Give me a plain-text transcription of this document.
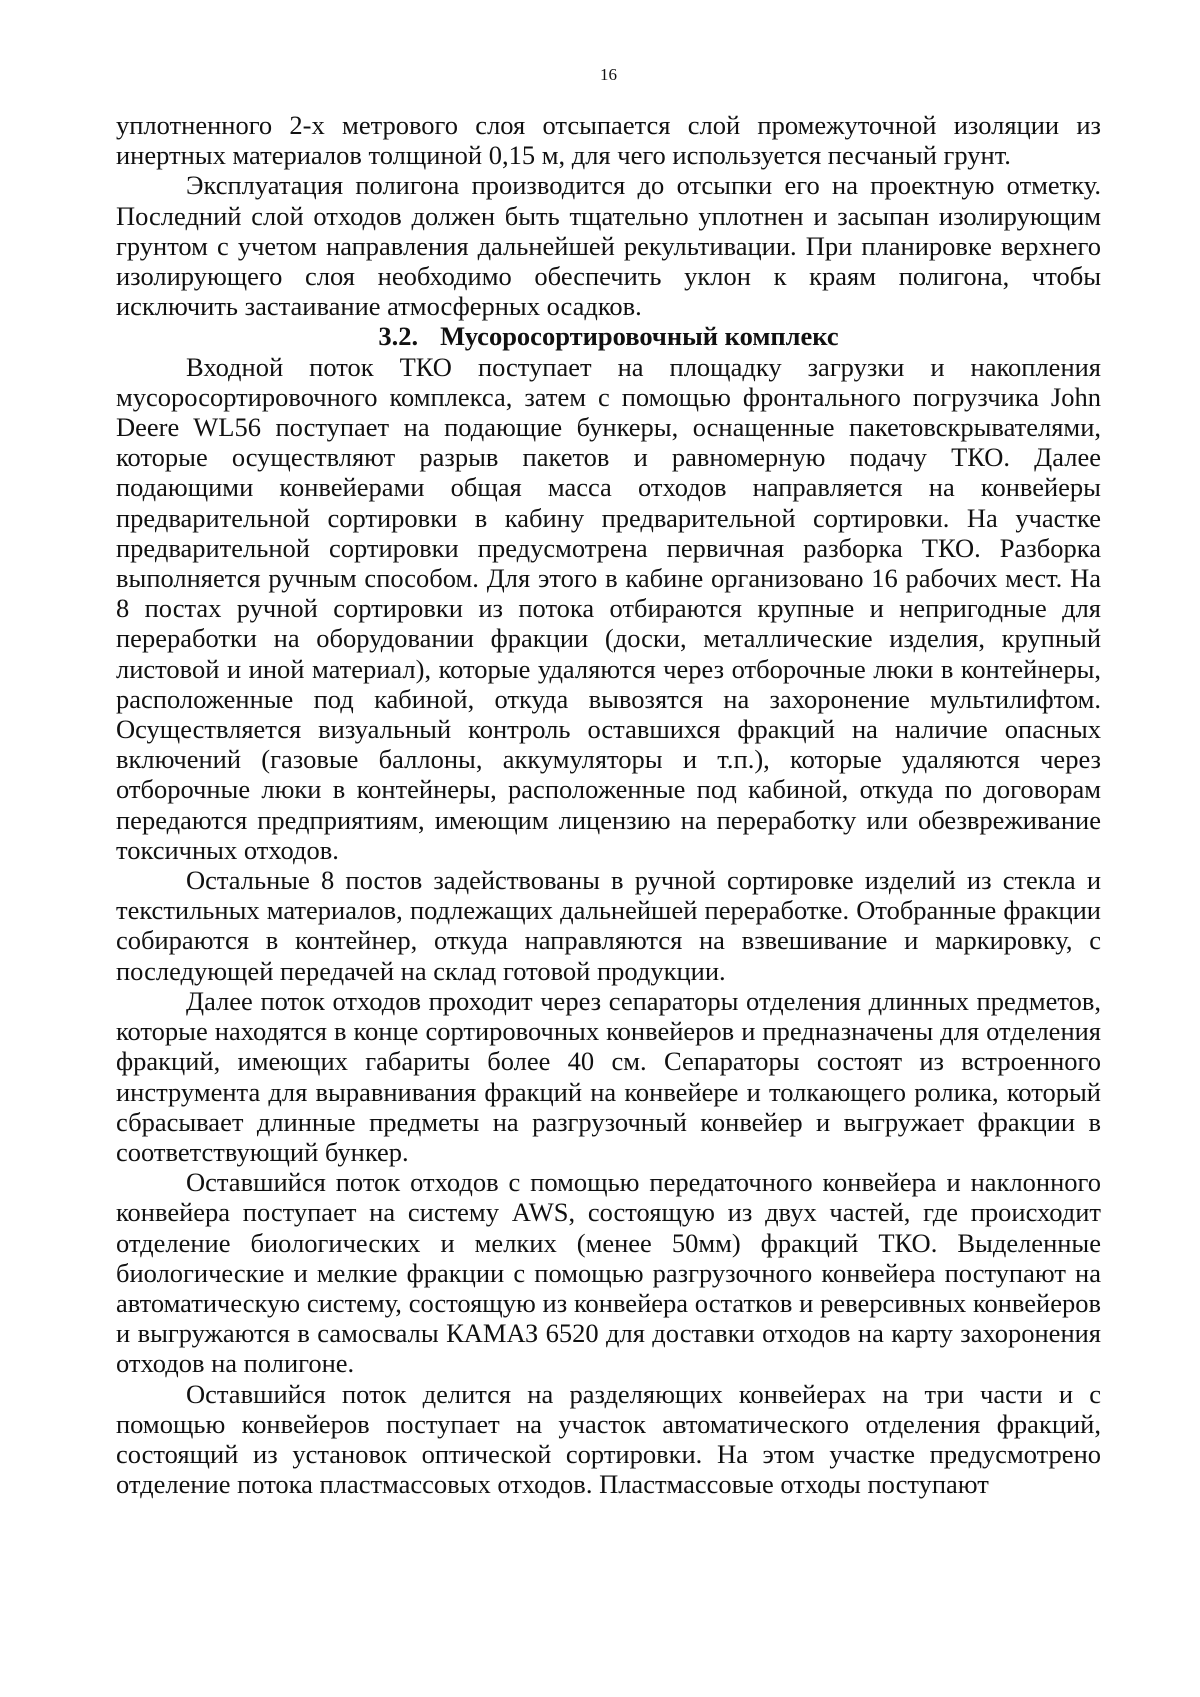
16

уплотненного 2-х метрового слоя отсыпается слой промежуточной изоляции из инертных материалов толщиной 0,15 м, для чего используется песчаный грунт.

Эксплуатация полигона производится до отсыпки его на проектную отметку. Последний слой отходов должен быть тщательно уплотнен и засыпан изолирующим грунтом с учетом направления дальнейшей рекультивации. При планировке верхнего изолирующего слоя необходимо обеспечить уклон к краям полигона, чтобы исключить застаивание атмосферных осадков.

3.2. Мусоросортировочный комплекс

Входной поток ТКО поступает на площадку загрузки и накопления мусоросортировочного комплекса, затем с помощью фронтального погрузчика John Deere WL56 поступает на подающие бункеры, оснащенные пакетовскрывателями, которые осуществляют разрыв пакетов и равномерную подачу ТКО. Далее подающими конвейерами общая масса отходов направляется на конвейеры предварительной сортировки в кабину предварительной сортировки. На участке предварительной сортировки предусмотрена первичная разборка ТКО. Разборка выполняется ручным способом. Для этого в кабине организовано 16 рабочих мест. На 8 постах ручной сортировки из потока отбираются крупные и непригодные для переработки на оборудовании фракции (доски, металлические изделия, крупный листовой и иной материал), которые удаляются через отборочные люки в контейнеры, расположенные под кабиной, откуда вывозятся на захоронение мультилифтом. Осуществляется визуальный контроль оставшихся фракций на наличие опасных включений (газовые баллоны, аккумуляторы и т.п.), которые удаляются через отборочные люки в контейнеры, расположенные под кабиной, откуда по договорам передаются предприятиям, имеющим лицензию на переработку или обезвреживание токсичных отходов.

Остальные 8 постов задействованы в ручной сортировке изделий из стекла и текстильных материалов, подлежащих дальнейшей переработке. Отобранные фракции собираются в контейнер, откуда направляются на взвешивание и маркировку, с последующей передачей на склад готовой продукции.

Далее поток отходов проходит через сепараторы отделения длинных предметов, которые находятся в конце сортировочных конвейеров и предназначены для отделения фракций, имеющих габариты более 40 см. Сепараторы состоят из встроенного инструмента для выравнивания фракций на конвейере и толкающего ролика, который сбрасывает длинные предметы на разгрузочный конвейер и выгружает фракции в соответствующий бункер.

Оставшийся поток отходов с помощью передаточного конвейера и наклонного конвейера поступает на систему AWS, состоящую из двух частей, где происходит отделение биологических и мелких (менее 50мм) фракций ТКО. Выделенные биологические и мелкие фракции с помощью разгрузочного конвейера поступают на автоматическую систему, состоящую из конвейера остатков и реверсивных конвейеров и выгружаются в самосвалы КАМАЗ 6520 для доставки отходов на карту захоронения отходов на полигоне.

Оставшийся поток делится на разделяющих конвейерах на три части и с помощью конвейеров поступает на участок автоматического отделения фракций, состоящий из установок оптической сортировки. На этом участке предусмотрено отделение потока пластмассовых отходов. Пластмассовые отходы поступают
